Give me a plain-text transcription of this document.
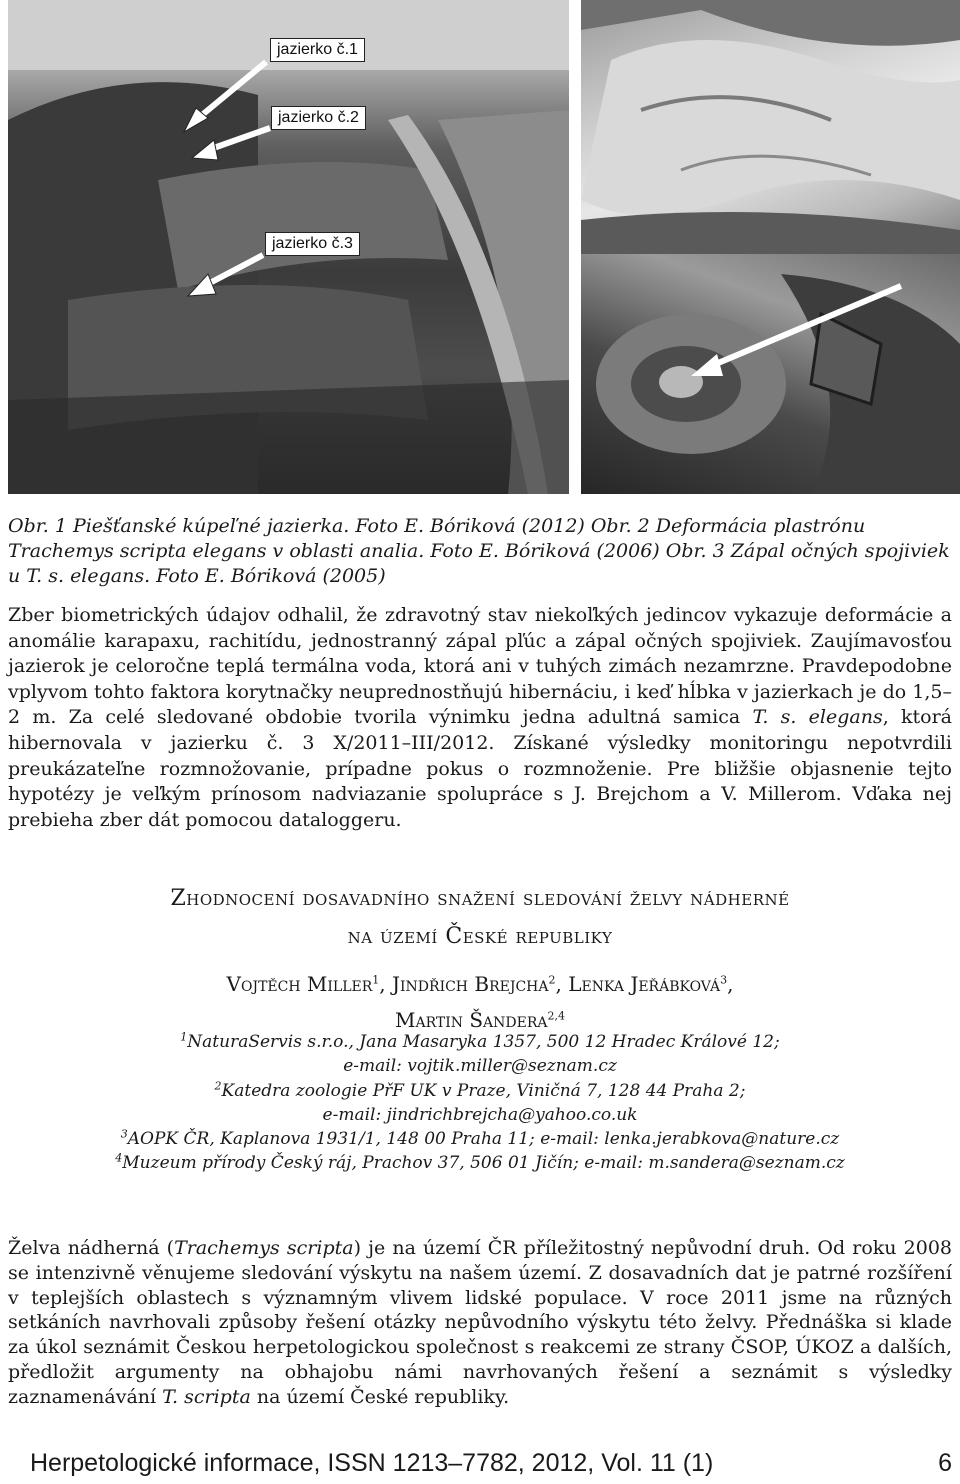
jazierko č.1
jazierko č.2
jazierko č.3

Obr. 1 Piešťanské kúpeľné jazierka. Foto E. Bóriková (2012) Obr. 2 Deformácia plastrónu Trachemys scripta elegans v oblasti analia. Foto E. Bóriková (2006) Obr. 3 Zápal očných spojiviek u T. s. elegans. Foto E. Bóriková (2005)

Zber biometrických údajov odhalil, že zdravotný stav niekoľkých jedincov vykazuje deformácie a anomálie karapaxu, rachitídu, jednostranný zápal pľúc a zápal očných spojiviek. Zaujímavosťou jazierok je celoročne teplá termálna voda, ktorá ani v tuhých zimách nezamrzne. Pravdepodobne vplyvom tohto faktora korytnačky neuprednostňujú hibernáciu, i keď hĺbka v jazierkach je do 1,5–2 m. Za celé sledované obdobie tvorila výnimku jedna adultná samica T. s. elegans, ktorá hibernovala v jazierku č. 3 X/2011–III/2012. Získané výsledky monitoringu nepotvrdili preukázateľne rozmnožovanie, prípadne pokus o rozmnoženie. Pre bližšie objasnenie tejto hypotézy je veľkým prínosom nadviazanie spolupráce s J. Brejchom a V. Millerom. Vďaka nej prebieha zber dát pomocou dataloggeru.

Zhodnocení dosavadního snažení sledování želvy nádherné
na území České republiky

Vojtěch Miller$^1$, Jindřich Brejcha$^2$, Lenka Jeřábková$^3$,
Martin Šandera$^{2,4}$

$^1$NaturaServis s.r.o., Jana Masaryka 1357, 500 12 Hradec Králové 12;
e-mail: vojtik.miller@seznam.cz
$^2$Katedra zoologie PřF UK v Praze, Viničná 7, 128 44 Praha 2;
e-mail: jindrichbrejcha@yahoo.co.uk
$^3$AOPK ČR, Kaplanova 1931/1, 148 00 Praha 11; e-mail: lenka.jerabkova@nature.cz
$^4$Muzeum přírody Český ráj, Prachov 37, 506 01 Jičín; e-mail: m.sandera@seznam.cz

Želva nádherná (Trachemys scripta) je na území ČR příležitostný nepůvodní druh. Od roku 2008 se intenzivně věnujeme sledování výskytu na našem území. Z dosavadních dat je patrné rozšíření v teplejších oblastech s významným vlivem lidské populace. V roce 2011 jsme na různých setkáních navrhovali způsoby řešení otázky nepůvodního výskytu této želvy. Přednáška si klade za úkol seznámit Českou herpetologickou společnost s reakcemi ze strany ČSOP, ÚKOZ a dalších, předložit argumenty na obhajobu námi navrhovaných řešení a seznámit s výsledky zaznamenávání T. scripta na území České republiky.

Herpetologické informace, ISSN 1213–7782, 2012, Vol. 11 (1)	6
